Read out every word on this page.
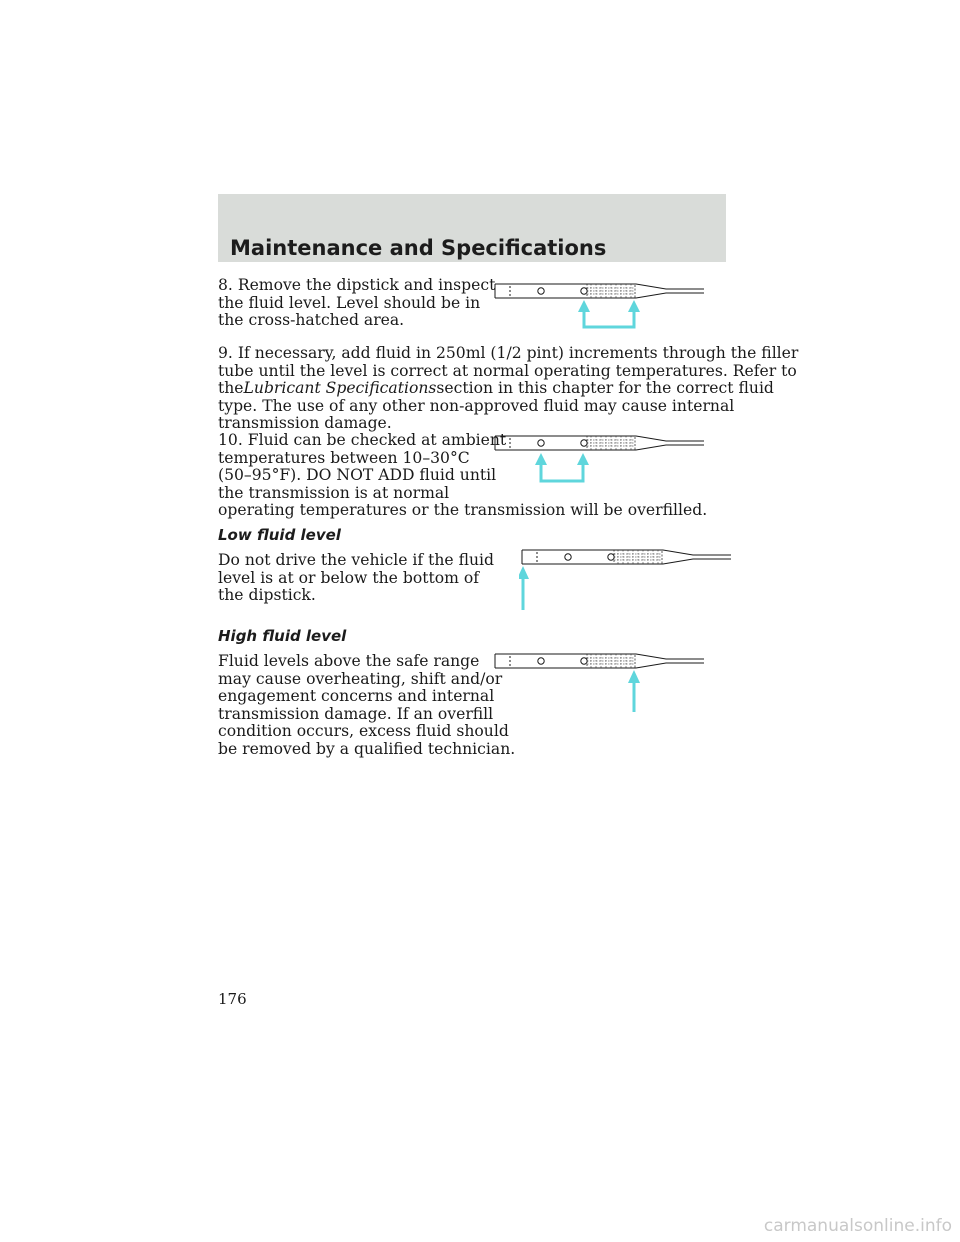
Maintenance and Specifications

8. Remove the dipstick and inspect
the fluid level. Level should be in
the cross-hatched area.

9. If necessary, add fluid in 250ml (1/2 pint) increments through the filler
tube until the level is correct at normal operating temperatures. Refer to
theLubricant Specificationssection in this chapter for the correct fluid
type. The use of any other non-approved fluid may cause internal
transmission damage.

10. Fluid can be checked at ambient
temperatures between 10–30°C
(50–95°F). DO NOT ADD fluid until
the transmission is at normal
operating temperatures or the transmission will be overfilled.

Low fluid level

Do not drive the vehicle if the fluid
level is at or below the bottom of
the dipstick.

High fluid level

Fluid levels above the safe range
may cause overheating, shift and/or
engagement concerns and internal
transmission damage. If an overfill
condition occurs, excess fluid should
be removed by a qualified technician.

176
carmanualsonline.info
